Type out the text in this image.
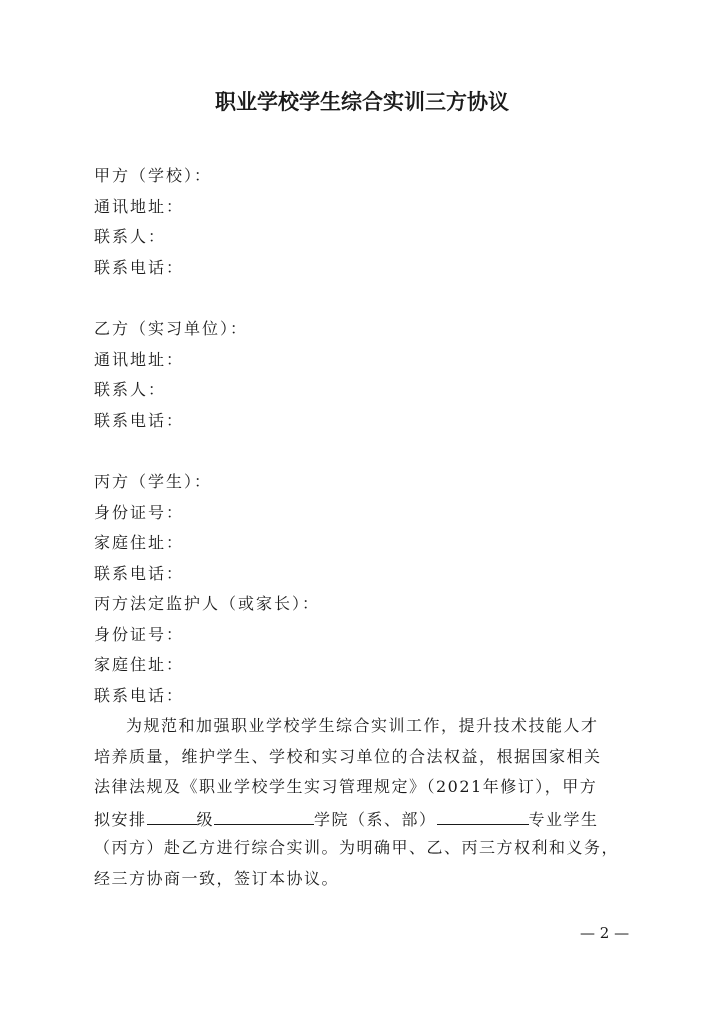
职业学校学生综合实训三方协议
甲方（学校）：
通讯地址：
联系人：
联系电话：
乙方（实习单位）：
通讯地址：
联系人：
联系电话：
丙方（学生）：
身份证号：
家庭住址：
联系电话：
丙方法定监护人（或家长）：
身份证号：
家庭住址：
联系电话：
为规范和加强职业学校学生综合实训工作，提升技术技能人才
培养质量，维护学生、学校和实习单位的合法权益，根据国家相关
法律法规及《职业学校学生实习管理规定》（2021年修订），甲方
拟安排	级	学院（系、部）	专业学生
（丙方）赴乙方进行综合实训。为明确甲、乙、丙三方权利和义务，
经三方协商一致，签订本协议。
— 2 —
